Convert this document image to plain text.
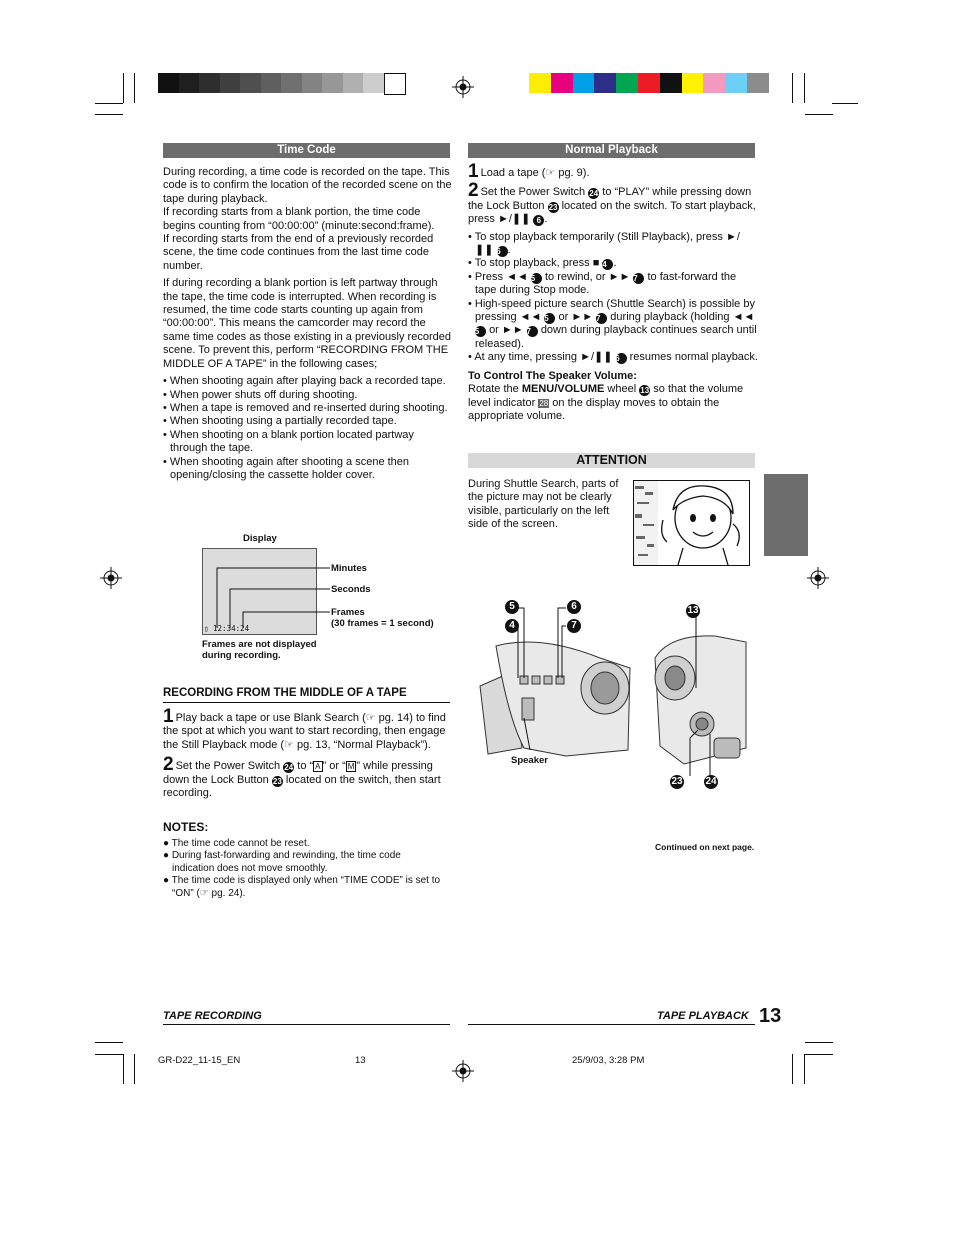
Time Code
During recording, a time code is recorded on the tape. This code is to confirm the location of the recorded scene on the tape during playback.
If recording starts from a blank portion, the time code begins counting from “00:00:00” (minute:second:frame).
If recording starts from the end of a previously recorded scene, the time code continues from the last time code number.
If during recording a blank portion is left partway through the tape, the time code is interrupted. When recording is resumed, the time code starts counting up again from “00:00:00”. This means the camcorder may record the same time codes as those existing in a previously recorded scene. To prevent this, perform “RECORDING FROM THE MIDDLE OF A TAPE” in the following cases;

• When shooting again after playing back a recorded tape.

• When power shuts off during shooting.

• When a tape is removed and re-inserted during shooting.

• When shooting using a partially recorded tape.

• When shooting on a blank portion located partway through the tape.

• When shooting again after shooting a scene then opening/closing the cassette holder cover.

Display
▯ 12:34:24
Minutes
Seconds
Frames
(30 frames = 1 second)
Frames are not displayed during recording.
RECORDING FROM THE MIDDLE OF A TAPE
1 Play back a tape or use Blank Search (☞ pg. 14) to find the spot at which you want to start recording, then engage the Still Playback mode (☞ pg. 13, “Normal Playback”).
2 Set the Power Switch 24 to “ A ” or “ M ” while pressing down the Lock Button 23 located on the switch, then start recording.
NOTES:

● The time code cannot be reset.

● During fast-forwarding and rewinding, the time code indication does not move smoothly.

● The time code is displayed only when “TIME CODE” is set to “ON” (☞ pg. 24).

TAPE RECORDING
Normal Playback
1 Load a tape (☞ pg. 9).
2 Set the Power Switch 24 to “PLAY” while pressing down the Lock Button 23 located on the switch. To start playback, press ►/❚❚ 6 .

• To stop playback temporarily (Still Playback), press ►/❚❚ 6 .

• To stop playback, press ■ 4 .

• Press ◄◄ 5 to rewind, or ►► 7 to fast-forward the tape during Stop mode.

• High-speed picture search (Shuttle Search) is possible by pressing ◄◄ 5 or ►► 7 during playback (holding ◄◄ 5 or ►► 7 down during playback continues search until released).

• At any time, pressing ►/❚❚ 6 resumes normal playback.

To Control The Speaker Volume:
Rotate the MENU/VOLUME wheel 13 so that the volume level indicator 28 on the display moves to obtain the appropriate volume.
ATTENTION
During Shuttle Search, parts of the picture may not be clearly visible, particularly on the left side of the screen.
5	6
4	7
13
23 24
Speaker
Continued on next page.
TAPE PLAYBACK 13
GR-D22_11-15_EN	13	25/9/03, 3:28 PM
